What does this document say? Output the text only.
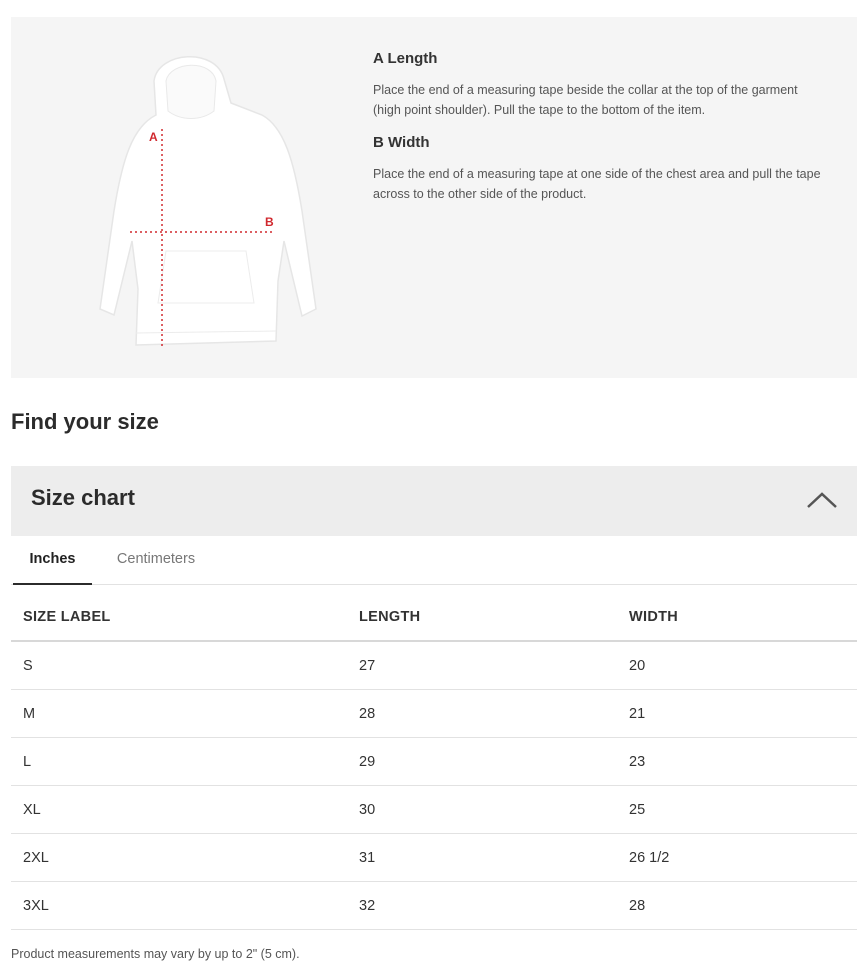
A
B

A Length

Place the end of a measuring tape beside the collar at the top of the garment (high point shoulder). Pull the tape to the bottom of the item.

B Width

Place the end of a measuring tape at one side of the chest area and pull the tape across to the other side of the product.

Find your size
Size chart
Inches	Centimeters
SIZE LABEL	LENGTH	WIDTH
S	27	20
M	28	21
L	29	23
XL	30	25
2XL	31	26 1/2
3XL	32	28

Product measurements may vary by up to 2" (5 cm).
